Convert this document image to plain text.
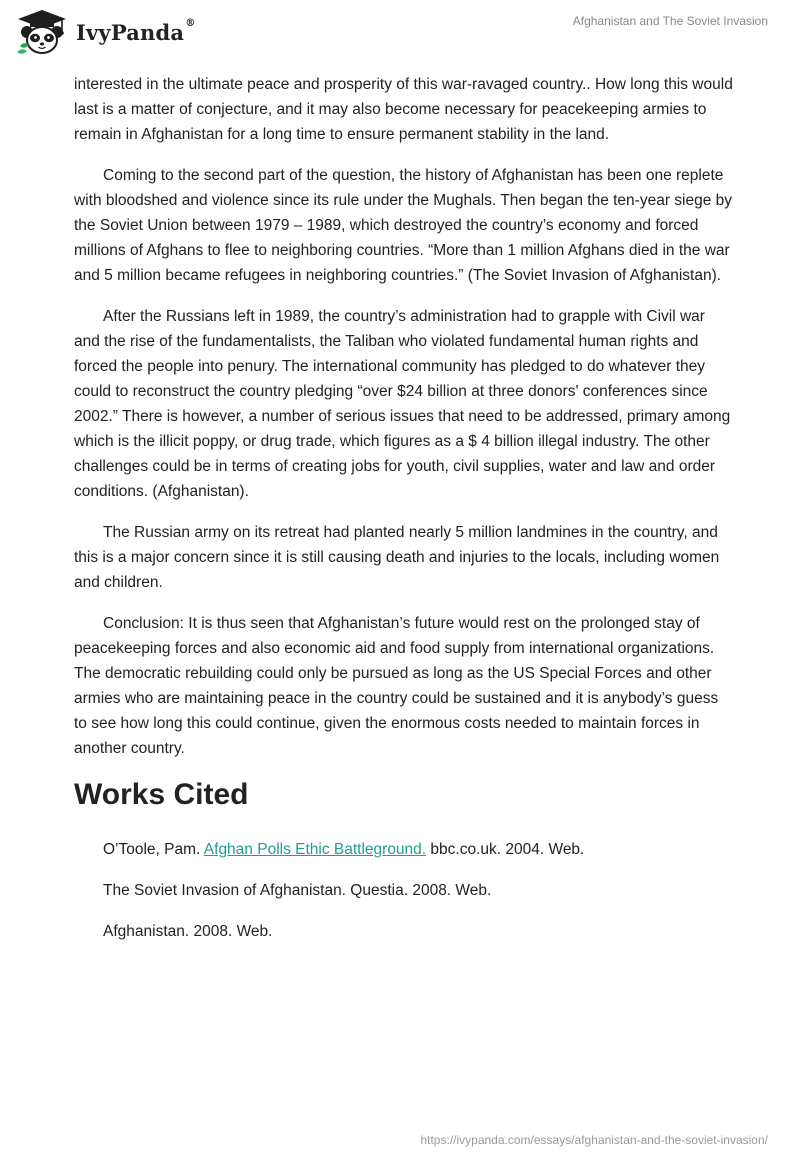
IvyPanda®	Afghanistan and The Soviet Invasion

interested in the ultimate peace and prosperity of this war-ravaged country.. How long this would last is a matter of conjecture, and it may also become necessary for peacekeeping armies to remain in Afghanistan for a long time to ensure permanent stability in the land.

Coming to the second part of the question, the history of Afghanistan has been one replete with bloodshed and violence since its rule under the Mughals. Then began the ten-year siege by the Soviet Union between 1979 – 1989, which destroyed the country’s economy and forced millions of Afghans to flee to neighboring countries. “More than 1 million Afghans died in the war and 5 million became refugees in neighboring countries.” (The Soviet Invasion of Afghanistan).

After the Russians left in 1989, the country’s administration had to grapple with Civil war and the rise of the fundamentalists, the Taliban who violated fundamental human rights and forced the people into penury. The international community has pledged to do whatever they could to reconstruct the country pledging “over $24 billion at three donors' conferences since 2002.” There is however, a number of serious issues that need to be addressed, primary among which is the illicit poppy, or drug trade, which figures as a $ 4 billion illegal industry. The other challenges could be in terms of creating jobs for youth, civil supplies, water and law and order conditions. (Afghanistan).

The Russian army on its retreat had planted nearly 5 million landmines in the country, and this is a major concern since it is still causing death and injuries to the locals, including women and children.

Conclusion: It is thus seen that Afghanistan’s future would rest on the prolonged stay of peacekeeping forces and also economic aid and food supply from international organizations. The democratic rebuilding could only be pursued as long as the US Special Forces and other armies who are maintaining peace in the country could be sustained and it is anybody’s guess to see how long this could continue, given the enormous costs needed to maintain forces in another country.

Works Cited

O’Toole, Pam. Afghan Polls Ethic Battleground. bbc.co.uk. 2004. Web.

The Soviet Invasion of Afghanistan. Questia. 2008. Web.

Afghanistan. 2008. Web.

https://ivypanda.com/essays/afghanistan-and-the-soviet-invasion/
